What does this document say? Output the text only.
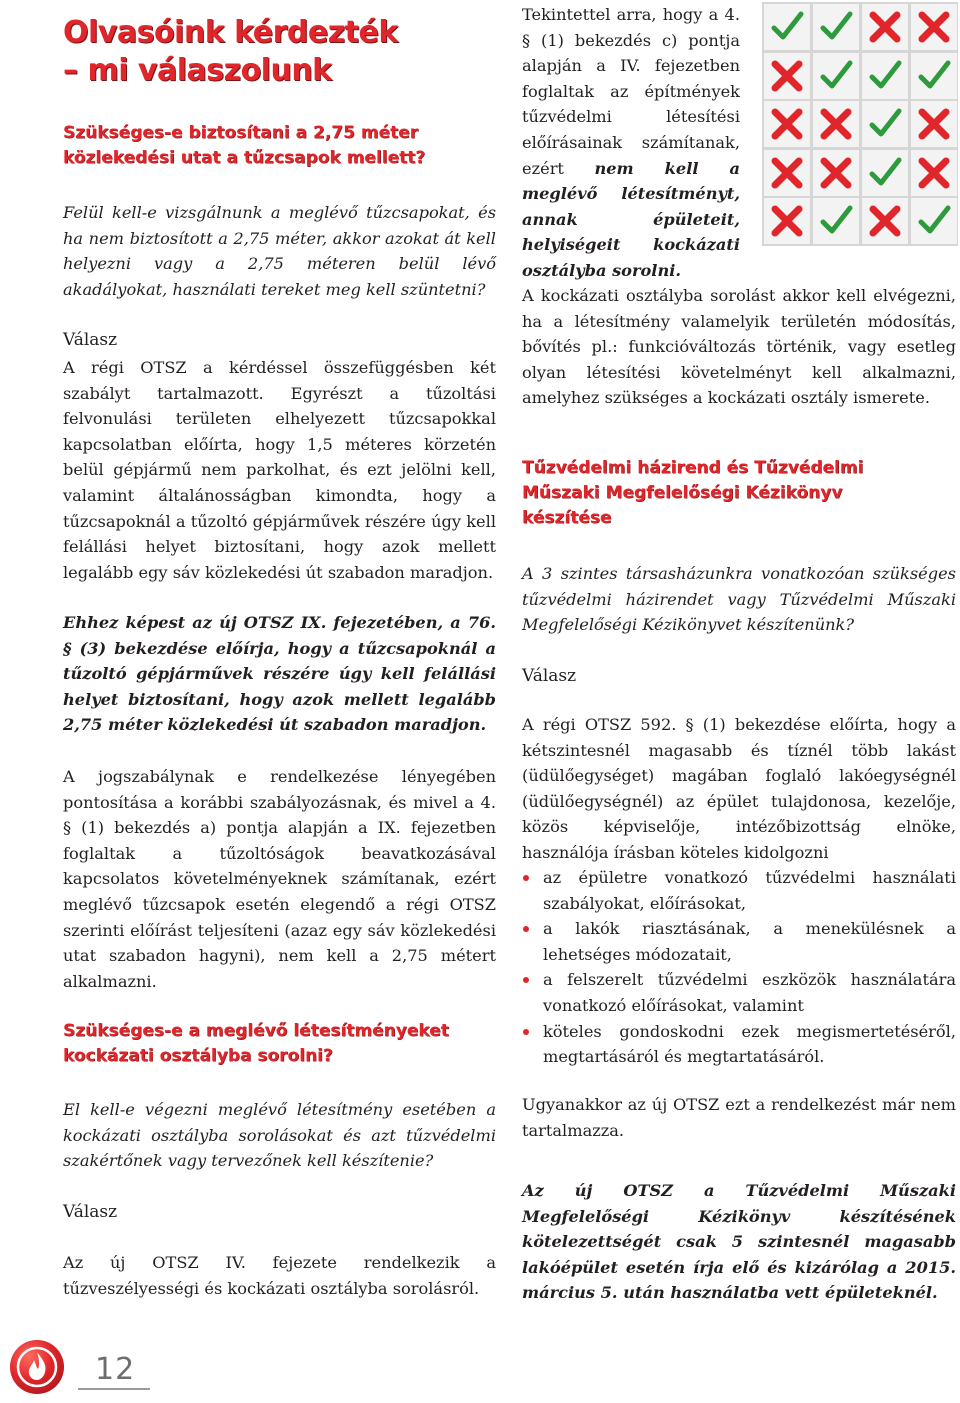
Olvasóink kérdezték
– mi válaszolunk
Szükséges-e biztosítani a 2,75 méter közlekedési utat a tűzcsapok mellett?

Felül kell-e vizsgálnunk a meglévő tűzcsapokat, és ha nem biztosított a 2,75 méter, akkor azokat át kell helyezni vagy a 2,75 méteren belül lévő akadályokat, használati tereket meg kell szüntetni?

Válasz

A régi OTSZ a kérdéssel összefüggésben két szabályt tartalmazott. Egyrészt a tűzoltási felvonulási területen elhelyezett tűzcsapokkal kapcsolatban előírta, hogy 1,5 méteres körzetén belül gépjármű nem parkolhat, és ezt jelölni kell, valamint általánosságban kimondta, hogy a tűzcsapoknál a tűzoltó gépjárművek részére úgy kell felállási helyet biztosítani, hogy azok mellett legalább egy sáv közlekedési út szabadon maradjon.

Ehhez képest az új OTSZ IX. fejezetében, a 76. § (3) bekezdése előírja, hogy a tűzcsapoknál a tűzoltó gépjárművek részére úgy kell felállási helyet biztosítani, hogy azok mellett legalább 2,75 méter közlekedési út szabadon maradjon.

A jogszabálynak e rendelkezése lényegében pontosítása a korábbi szabályozásnak, és mivel a 4. § (1) bekezdés a) pontja alapján a IX. fejezetben foglaltak a tűzoltóságok beavatkozásával kapcsolatos követelményeknek számítanak, ezért meglévő tűzcsapok esetén elegendő a régi OTSZ szerinti előírást teljesíteni (azaz egy sáv közlekedési utat szabadon hagyni), nem kell a 2,75 métert alkalmazni.

Szükséges-e a meglévő létesítményeket kockázati osztályba sorolni?

El kell-e végezni meglévő létesítmény esetében a kockázati osztályba sorolásokat és azt tűzvédelmi szakértőnek vagy tervezőnek kell készítenie?

Válasz

Az új OTSZ IV. fejezete rendelkezik a tűzveszélyességi és kockázati osztályba sorolásról.

Tekintettel arra, hogy a 4. § (1) bekezdés c) pontja alapján a IV. fejezetben foglaltak az építmények tűzvédelmi létesítési előírásainak számítanak, ezért nem kell a meglévő létesítményt, annak épületeit, helyiségeit kockázati osztályba sorolni.

A kockázati osztályba sorolást akkor kell elvégezni, ha a létesítmény valamelyik területén módosítás, bővítés pl.: funkcióváltozás történik, vagy esetleg olyan létesítési követelményt kell alkalmazni, amelyhez szükséges a kockázati osztály ismerete.

Tűzvédelmi házirend és Tűzvédelmi Műszaki Megfelelőségi Kézikönyv készítése

A 3 szintes társasházunkra vonatkozóan szükséges tűzvédelmi házirendet vagy Tűzvédelmi Műszaki Megfelelőségi Kézikönyvet készítenünk?

Válasz

A régi OTSZ 592. § (1) bekezdése előírta, hogy a kétszintesnél magasabb és tíznél több lakást (üdülőegységet) magában foglaló lakóegységnél (üdülőegységnél) az épület tulajdonosa, kezelője, közös képviselője, intézőbizottság elnöke, használója írásban köteles kidolgozni

az épületre vonatkozó tűzvédelmi használati szabályokat, előírásokat,
a lakók riasztásának, a menekülésnek a lehetséges módozatait,
a felszerelt tűzvédelmi eszközök használatára vonatkozó előírásokat, valamint
köteles gondoskodni ezek megismertetéséről, megtartásáról és megtartatásáról.

Ugyanakkor az új OTSZ ezt a rendelkezést már nem tartalmazza.

Az új OTSZ a Tűzvédelmi Műszaki Megfelelőségi Kézikönyv készítésének kötelezettségét csak 5 szintesnél magasabb lakóépület esetén írja elő és kizárólag a 2015. március 5. után használatba vett épületeknél.

12
